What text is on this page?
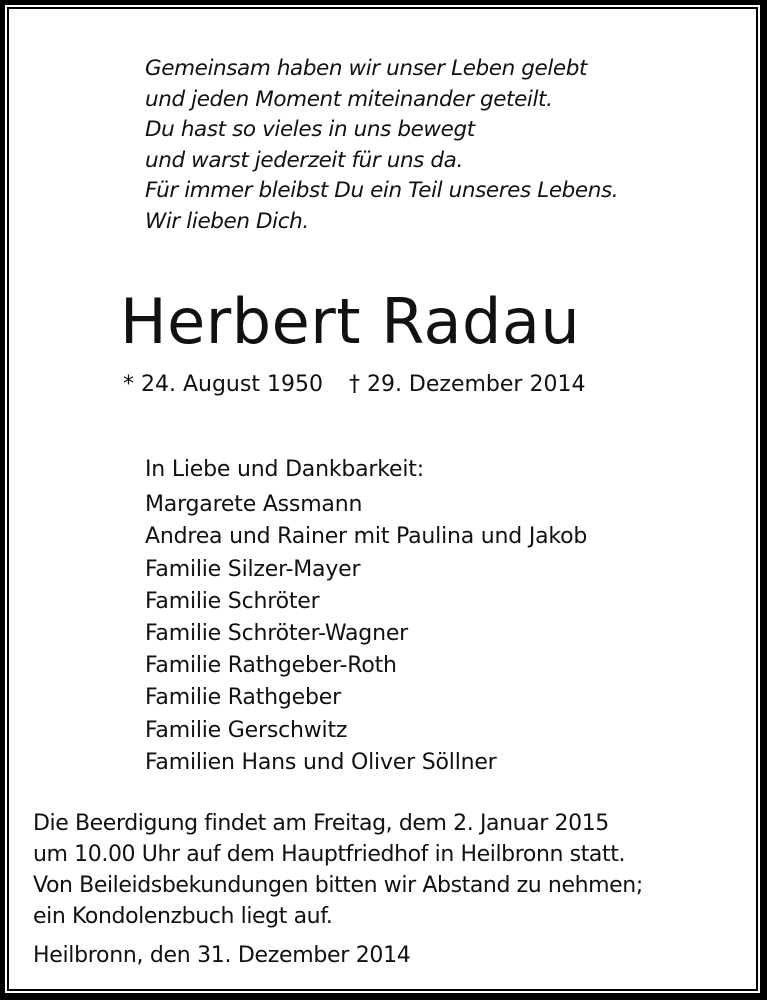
Gemeinsam haben wir unser Leben gelebt
und jeden Moment miteinander geteilt.
Du hast so vieles in uns bewegt
und warst jederzeit für uns da.
Für immer bleibst Du ein Teil unseres Lebens.
Wir lieben Dich.
Herbert Radau
* 24. August 1950 † 29. Dezember 2014
In Liebe und Dankbarkeit:
Margarete Assmann
Andrea und Rainer mit Paulina und Jakob
Familie Silzer-Mayer
Familie Schröter
Familie Schröter-Wagner
Familie Rathgeber-Roth
Familie Rathgeber
Familie Gerschwitz
Familien Hans und Oliver Söllner
Die Beerdigung findet am Freitag, dem 2. Januar 2015
um 10.00 Uhr auf dem Hauptfriedhof in Heilbronn statt.
Von Beileidsbekundungen bitten wir Abstand zu nehmen;
ein Kondolenzbuch liegt auf.
Heilbronn, den 31. Dezember 2014
